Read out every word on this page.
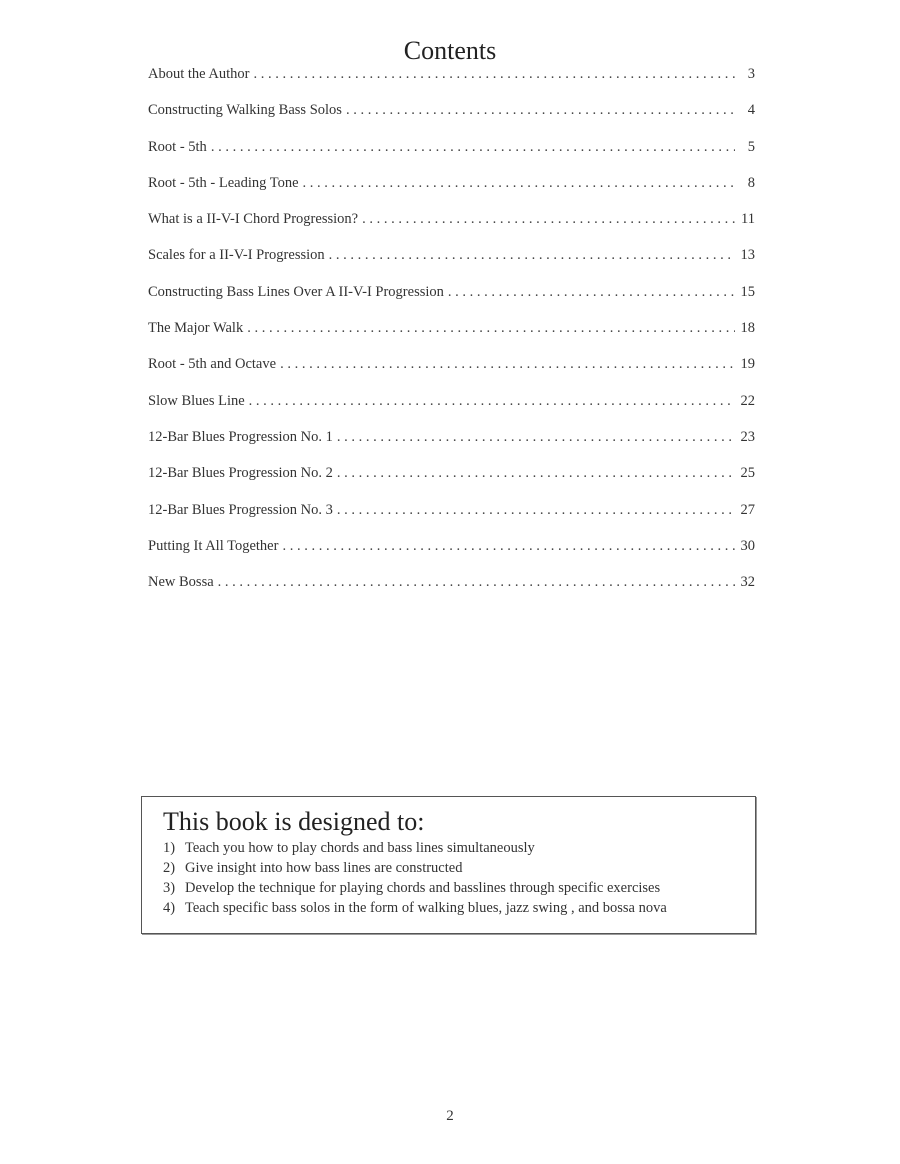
Contents
About the Author . . .	3
Constructing Walking Bass Solos . . .	4
Root - 5th . . .	5
Root - 5th - Leading Tone . . .	8
What is a II-V-I Chord Progression? . . .	11
Scales for a II-V-I Progression . . .	13
Constructing Bass Lines Over A II-V-I Progression . . .	15
The Major Walk . . .	18
Root - 5th and Octave . . .	19
Slow Blues Line . . .	22
12-Bar Blues Progression No. 1 . . .	23
12-Bar Blues Progression No. 2 . . .	25
12-Bar Blues Progression No. 3 . . .	27
Putting It All Together . . .	30
New Bossa . . .	32
This book is designed to:
1) Teach you how to play chords and bass lines simultaneously
2) Give insight into how bass lines are constructed
3) Develop the technique for playing chords and basslines through specific exercises
4) Teach specific bass solos in the form of walking blues, jazz swing , and bossa nova
2
